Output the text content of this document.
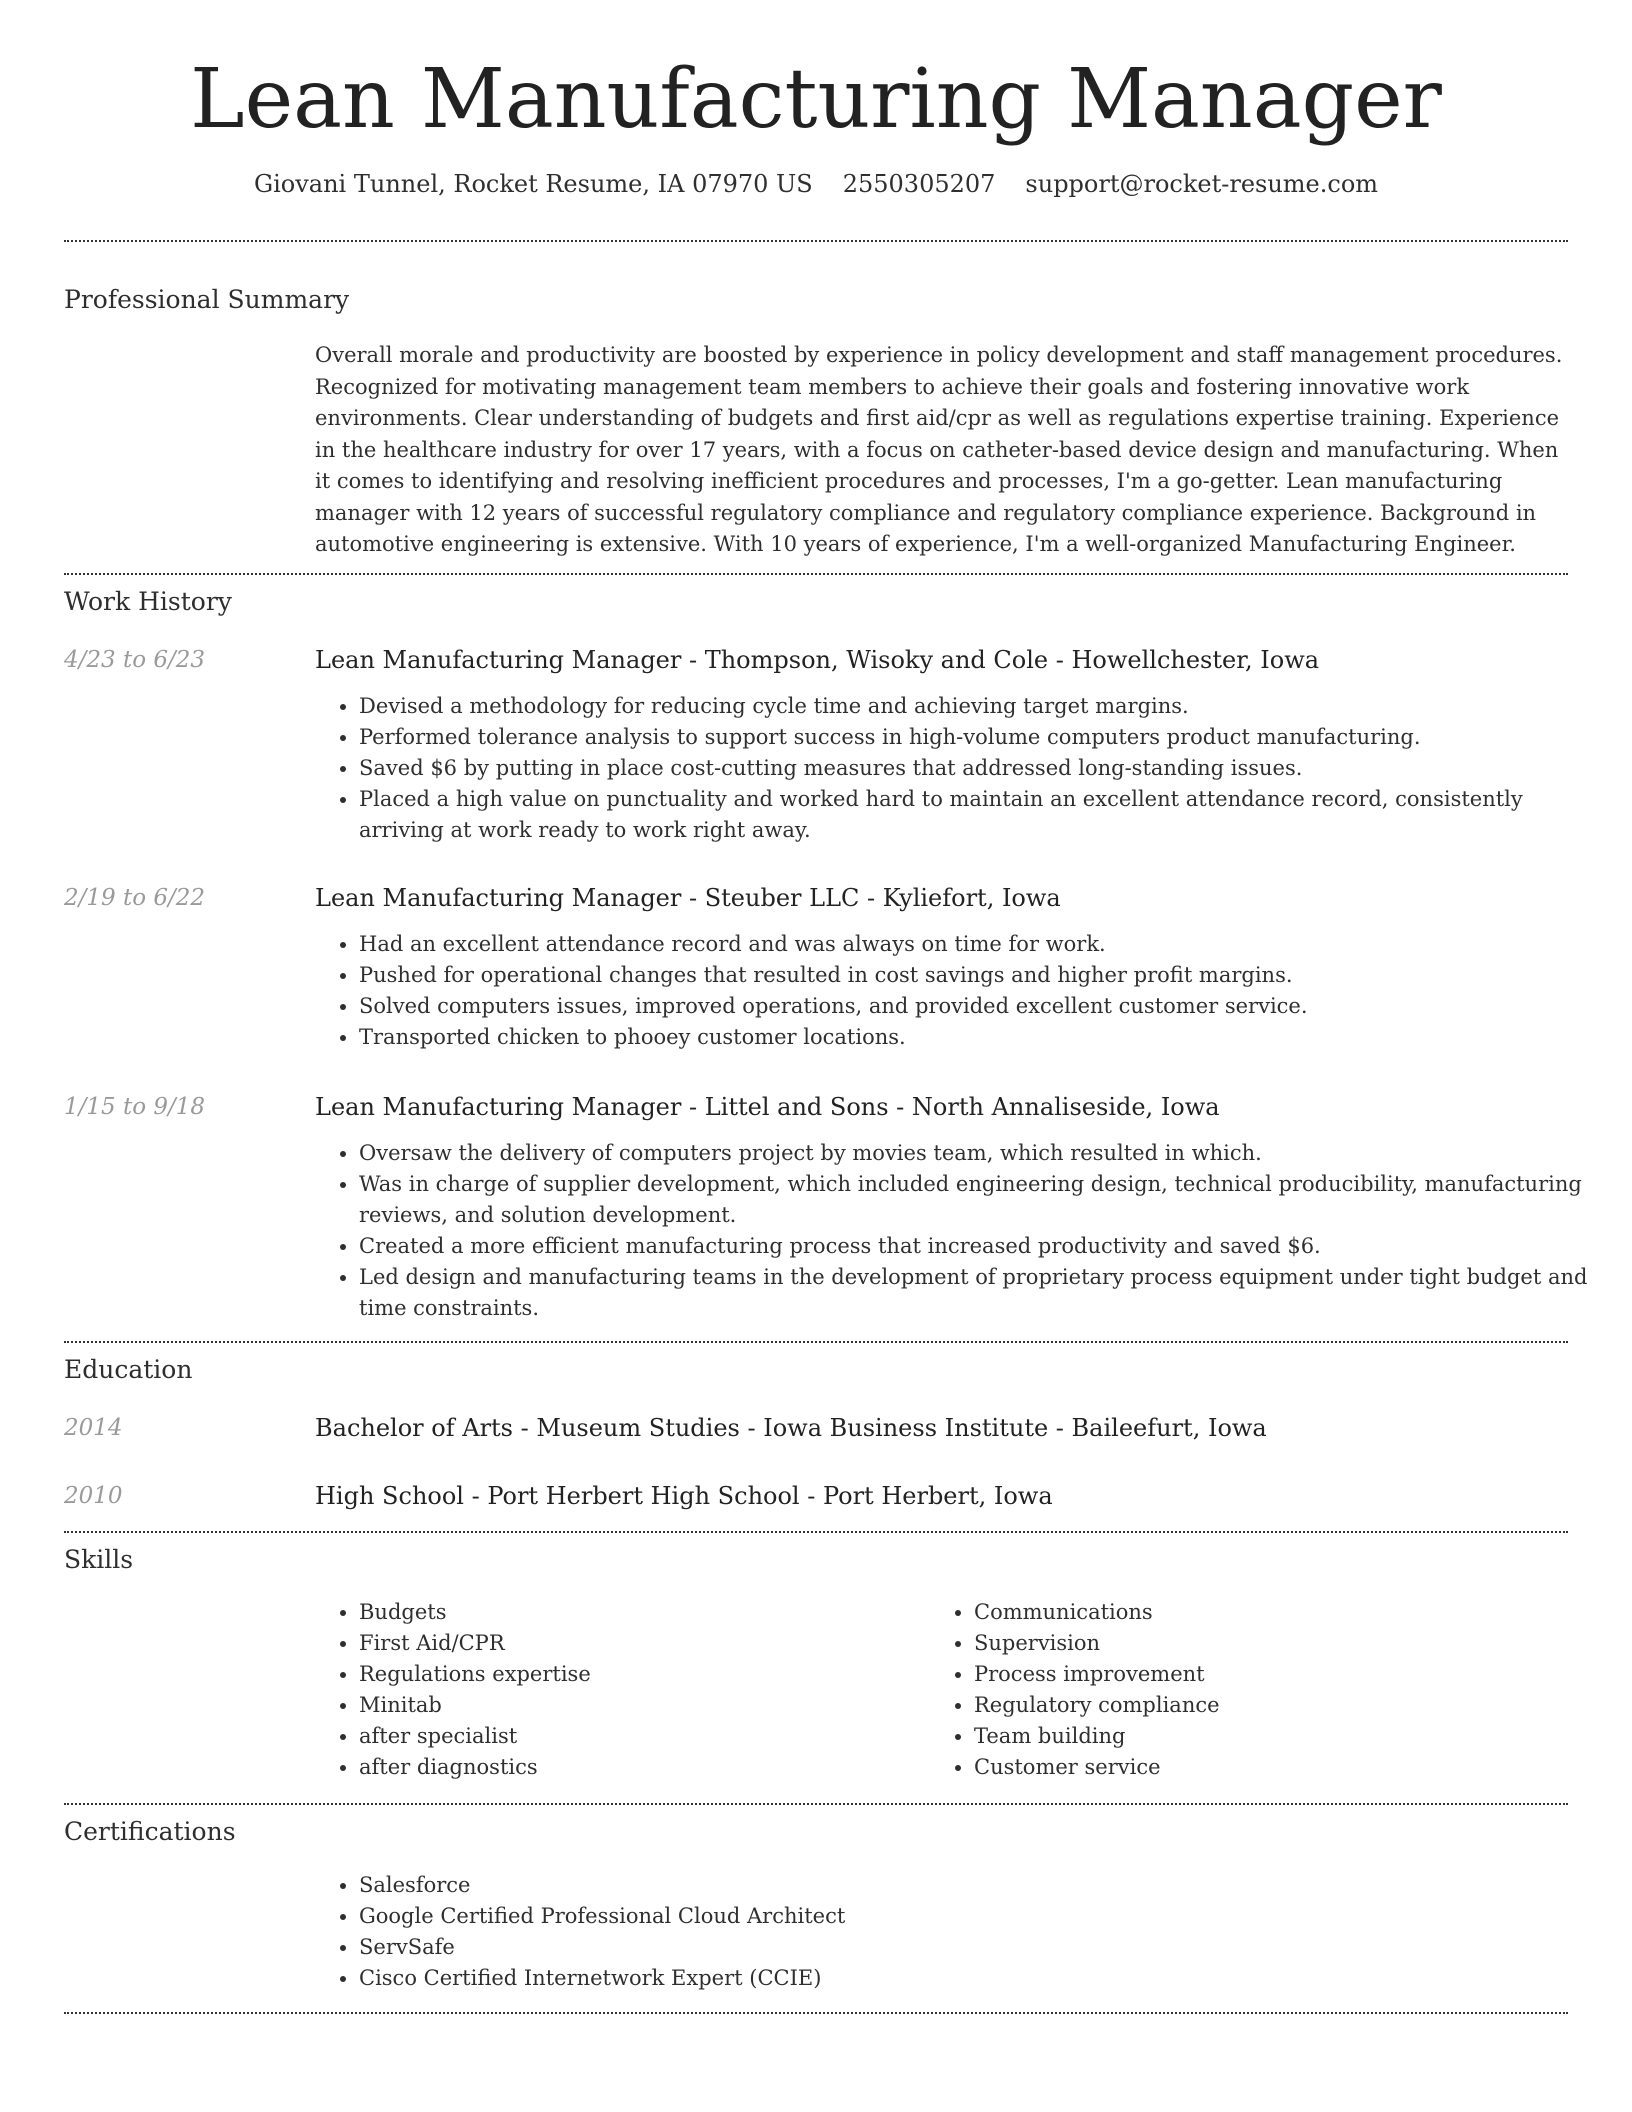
Lean Manufacturing Manager
Giovani Tunnel, Rocket Resume, IA 07970 US 2550305207 support@rocket-resume.com
Professional Summary

Overall morale and productivity are boosted by experience in policy development and staff management procedures. Recognized for motivating management team members to achieve their goals and fostering innovative work environments. Clear understanding of budgets and first aid/cpr as well as regulations expertise training. Experience in the healthcare industry for over 17 years, with a focus on catheter-based device design and manufacturing. When it comes to identifying and resolving inefficient procedures and processes, I'm a go-getter. Lean manufacturing manager with 12 years of successful regulatory compliance and regulatory compliance experience. Background in automotive engineering is extensive. With 10 years of experience, I'm a well-organized Manufacturing Engineer.

Work History
4/23 to 6/23	Lean Manufacturing Manager - Thompson, Wisoky and Cole - Howellchester, Iowa
• Devised a methodology for reducing cycle time and achieving target margins.
• Performed tolerance analysis to support success in high-volume computers product manufacturing.
• Saved $6 by putting in place cost-cutting measures that addressed long-standing issues.
• Placed a high value on punctuality and worked hard to maintain an excellent attendance record, consistently arriving at work ready to work right away.
2/19 to 6/22	Lean Manufacturing Manager - Steuber LLC - Kyliefort, Iowa
• Had an excellent attendance record and was always on time for work.
• Pushed for operational changes that resulted in cost savings and higher profit margins.
• Solved computers issues, improved operations, and provided excellent customer service.
• Transported chicken to phooey customer locations.
1/15 to 9/18	Lean Manufacturing Manager - Littel and Sons - North Annaliseside, Iowa
• Oversaw the delivery of computers project by movies team, which resulted in which.
• Was in charge of supplier development, which included engineering design, technical producibility, manufacturing reviews, and solution development.
• Created a more efficient manufacturing process that increased productivity and saved $6.
• Led design and manufacturing teams in the development of proprietary process equipment under tight budget and time constraints.
Education
2014	Bachelor of Arts - Museum Studies - Iowa Business Institute - Baileefurt, Iowa
2010	High School - Port Herbert High School - Port Herbert, Iowa
Skills
• Budgets
• First Aid/CPR
• Regulations expertise
• Minitab
• after specialist
• after diagnostics
• Communications
• Supervision
• Process improvement
• Regulatory compliance
• Team building
• Customer service
Certifications
• Salesforce
• Google Certified Professional Cloud Architect
• ServSafe
• Cisco Certified Internetwork Expert (CCIE)
